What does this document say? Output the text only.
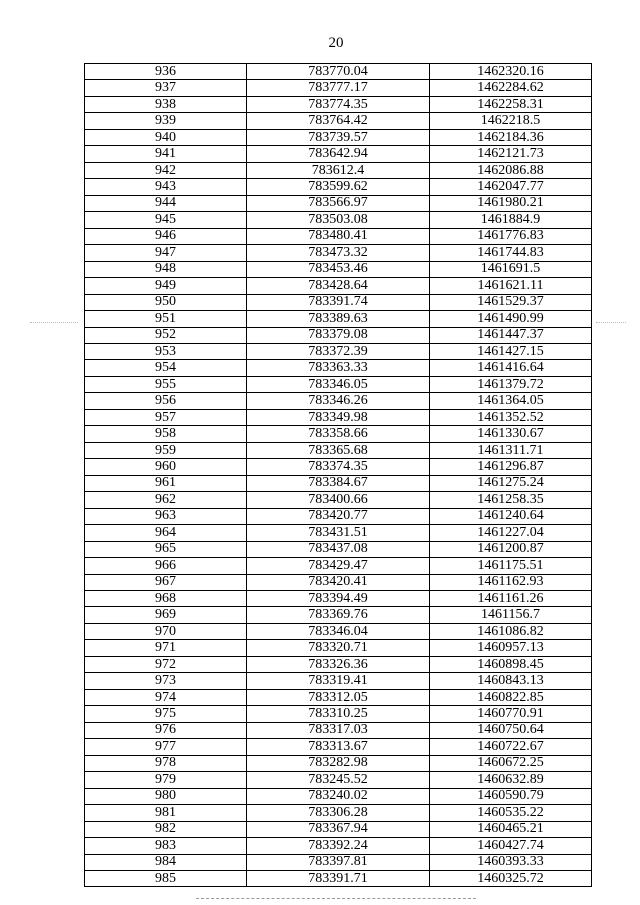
20
936	783770.04	1462320.16
937	783777.17	1462284.62
938	783774.35	1462258.31
939	783764.42	1462218.5
940	783739.57	1462184.36
941	783642.94	1462121.73
942	783612.4	1462086.88
943	783599.62	1462047.77
944	783566.97	1461980.21
945	783503.08	1461884.9
946	783480.41	1461776.83
947	783473.32	1461744.83
948	783453.46	1461691.5
949	783428.64	1461621.11
950	783391.74	1461529.37
951	783389.63	1461490.99
952	783379.08	1461447.37
953	783372.39	1461427.15
954	783363.33	1461416.64
955	783346.05	1461379.72
956	783346.26	1461364.05
957	783349.98	1461352.52
958	783358.66	1461330.67
959	783365.68	1461311.71
960	783374.35	1461296.87
961	783384.67	1461275.24
962	783400.66	1461258.35
963	783420.77	1461240.64
964	783431.51	1461227.04
965	783437.08	1461200.87
966	783429.47	1461175.51
967	783420.41	1461162.93
968	783394.49	1461161.26
969	783369.76	1461156.7
970	783346.04	1461086.82
971	783320.71	1460957.13
972	783326.36	1460898.45
973	783319.41	1460843.13
974	783312.05	1460822.85
975	783310.25	1460770.91
976	783317.03	1460750.64
977	783313.67	1460722.67
978	783282.98	1460672.25
979	783245.52	1460632.89
980	783240.02	1460590.79
981	783306.28	1460535.22
982	783367.94	1460465.21
983	783392.24	1460427.74
984	783397.81	1460393.33
985	783391.71	1460325.72
